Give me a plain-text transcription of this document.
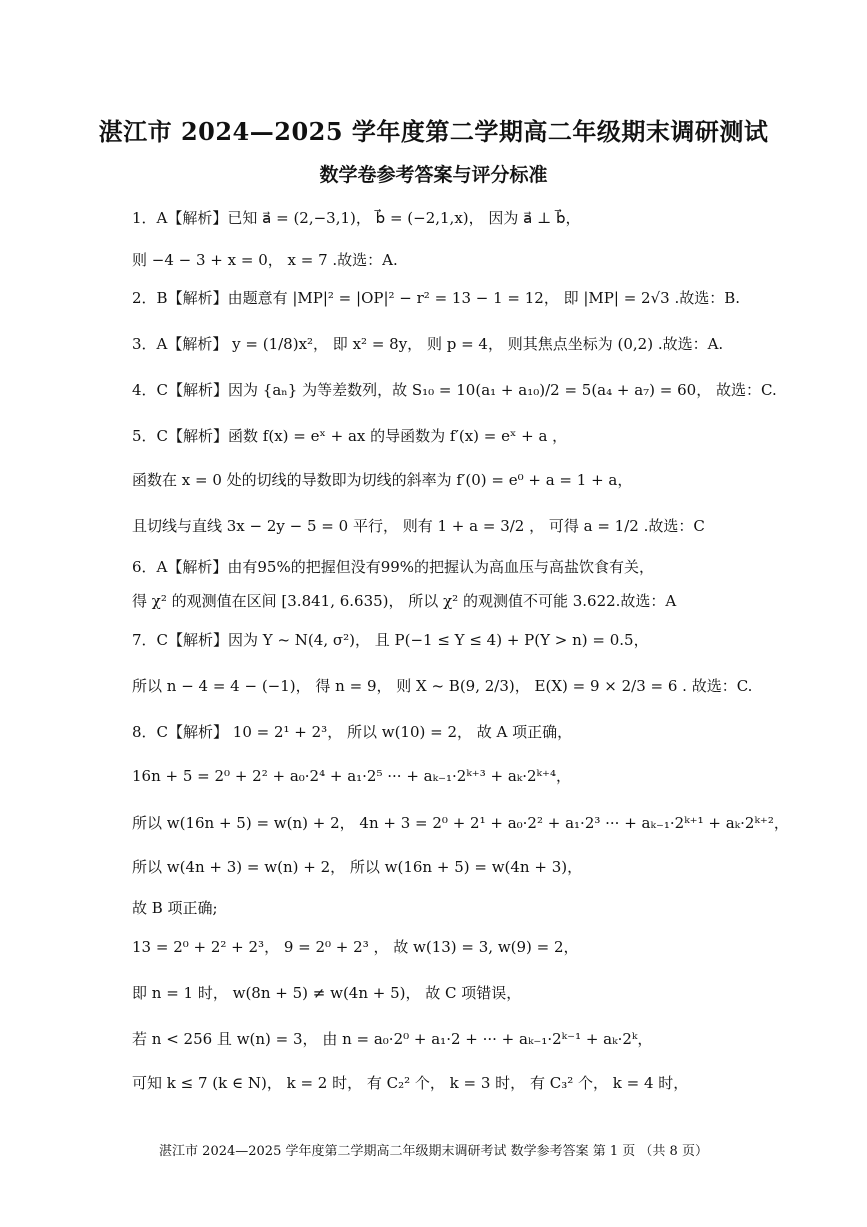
湛江市 2024—2025 学年度第二学期高二年级期末调研测试
数学卷参考答案与评分标准
1．A【解析】已知 a⃗ = (2,−3,1)， b⃗ = (−2,1,x)， 因为 a⃗ ⊥ b⃗，
则 −4 − 3 + x = 0， x = 7 .故选：A.
2．B【解析】由题意有 |MP|² = |OP|² − r² = 13 − 1 = 12， 即 |MP| = 2√3 .故选：B.
3．A【解析】 y = (1/8)x²， 即 x² = 8y， 则 p = 4， 则其焦点坐标为 (0,2) .故选：A.
4．C【解析】因为 {aₙ} 为等差数列，故 S₁₀ = 10(a₁ + a₁₀)/2 = 5(a₄ + a₇) = 60， 故选：C.
5．C【解析】函数 f(x) = eˣ + ax 的导函数为 f′(x) = eˣ + a ，
函数在 x = 0 处的切线的导数即为切线的斜率为 f′(0) = e⁰ + a = 1 + a，
且切线与直线 3x − 2y − 5 = 0 平行， 则有 1 + a = 3/2 ， 可得 a = 1/2 .故选：C
6．A【解析】由有95%的把握但没有99%的把握认为高血压与高盐饮食有关，
得 χ² 的观测值在区间 [3.841, 6.635)， 所以 χ² 的观测值不可能 3.622.故选：A
7．C【解析】因为 Y ~ N(4, σ²)， 且 P(−1 ≤ Y ≤ 4) + P(Y > n) = 0.5，
所以 n − 4 = 4 − (−1)， 得 n = 9， 则 X ~ B(9, 2/3)， E(X) = 9 × 2/3 = 6 . 故选：C.
8．C【解析】 10 = 2¹ + 2³， 所以 w(10) = 2， 故 A 项正确，
16n + 5 = 2⁰ + 2² + a₀·2⁴ + a₁·2⁵ ··· + aₖ₋₁·2ᵏ⁺³ + aₖ·2ᵏ⁺⁴，
所以 w(16n + 5) = w(n) + 2， 4n + 3 = 2⁰ + 2¹ + a₀·2² + a₁·2³ ··· + aₖ₋₁·2ᵏ⁺¹ + aₖ·2ᵏ⁺²，
所以 w(4n + 3) = w(n) + 2， 所以 w(16n + 5) = w(4n + 3)，
故 B 项正确;
13 = 2⁰ + 2² + 2³， 9 = 2⁰ + 2³ ， 故 w(13) = 3, w(9) = 2，
即 n = 1 时， w(8n + 5) ≠ w(4n + 5)， 故 C 项错误，
若 n < 256 且 w(n) = 3， 由 n = a₀·2⁰ + a₁·2 + ··· + aₖ₋₁·2ᵏ⁻¹ + aₖ·2ᵏ，
可知 k ≤ 7 (k ∈ N)， k = 2 时， 有 C₂² 个， k = 3 时， 有 C₃² 个， k = 4 时，
湛江市 2024—2025 学年度第二学期高二年级期末调研考试 数学参考答案 第 1 页 （共 8 页）
